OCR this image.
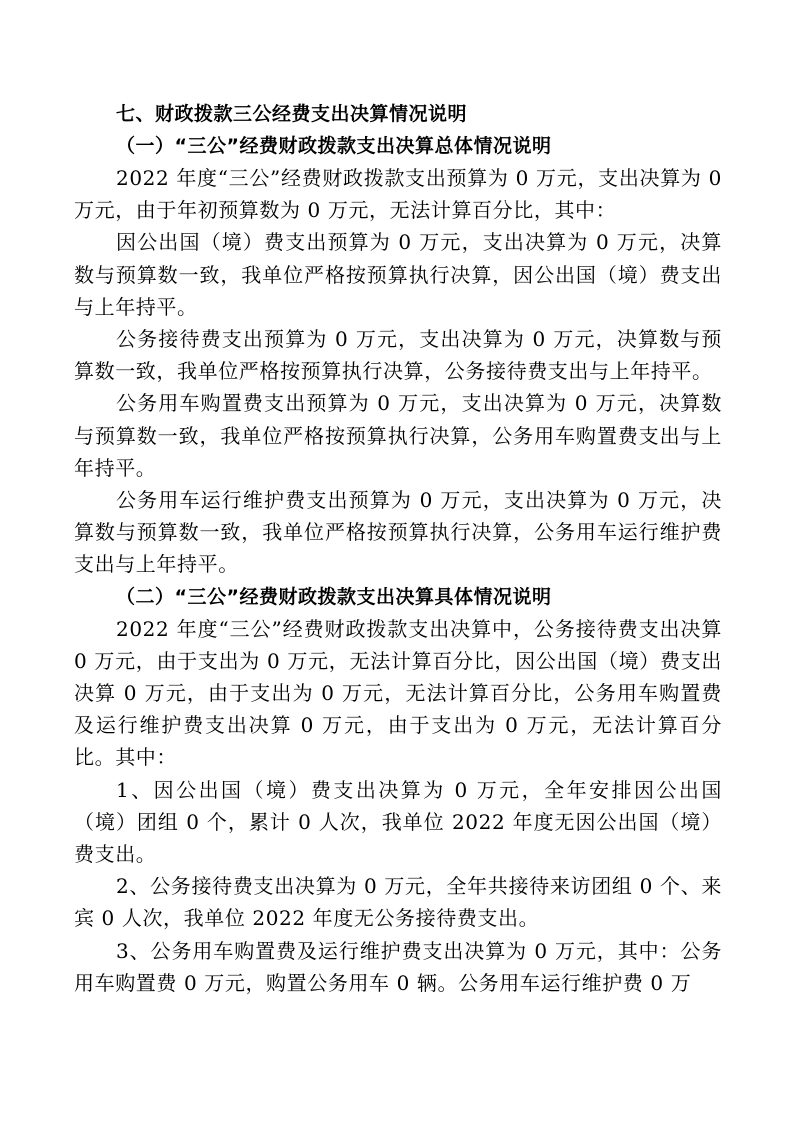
七、财政拨款三公经费支出决算情况说明

（一）“三公”经费财政拨款支出决算总体情况说明

2022 年度“三公”经费财政拨款支出预算为 0 万元，支出决算为 0 万元，由于年初预算数为 0 万元，无法计算百分比，其中：

因公出国（境）费支出预算为 0 万元，支出决算为 0 万元，决算数与预算数一致，我单位严格按预算执行决算，因公出国（境）费支出与上年持平。

公务接待费支出预算为 0 万元，支出决算为 0 万元，决算数与预算数一致，我单位严格按预算执行决算，公务接待费支出与上年持平。

公务用车购置费支出预算为 0 万元，支出决算为 0 万元，决算数与预算数一致，我单位严格按预算执行决算，公务用车购置费支出与上年持平。

公务用车运行维护费支出预算为 0 万元，支出决算为 0 万元，决算数与预算数一致，我单位严格按预算执行决算，公务用车运行维护费支出与上年持平。

（二）“三公”经费财政拨款支出决算具体情况说明

2022 年度“三公”经费财政拨款支出决算中，公务接待费支出决算 0 万元，由于支出为 0 万元，无法计算百分比，因公出国（境）费支出决算 0 万元，由于支出为 0 万元，无法计算百分比，公务用车购置费及运行维护费支出决算 0 万元，由于支出为 0 万元，无法计算百分比。其中：

1、因公出国（境）费支出决算为 0 万元，全年安排因公出国（境）团组 0 个，累计 0 人次，我单位 2022 年度无因公出国（境）费支出。

2、公务接待费支出决算为 0 万元，全年共接待来访团组 0 个、来宾 0 人次，我单位 2022 年度无公务接待费支出。

3、公务用车购置费及运行维护费支出决算为 0 万元，其中：公务用车购置费 0 万元，购置公务用车 0 辆。公务用车运行维护费 0 万
